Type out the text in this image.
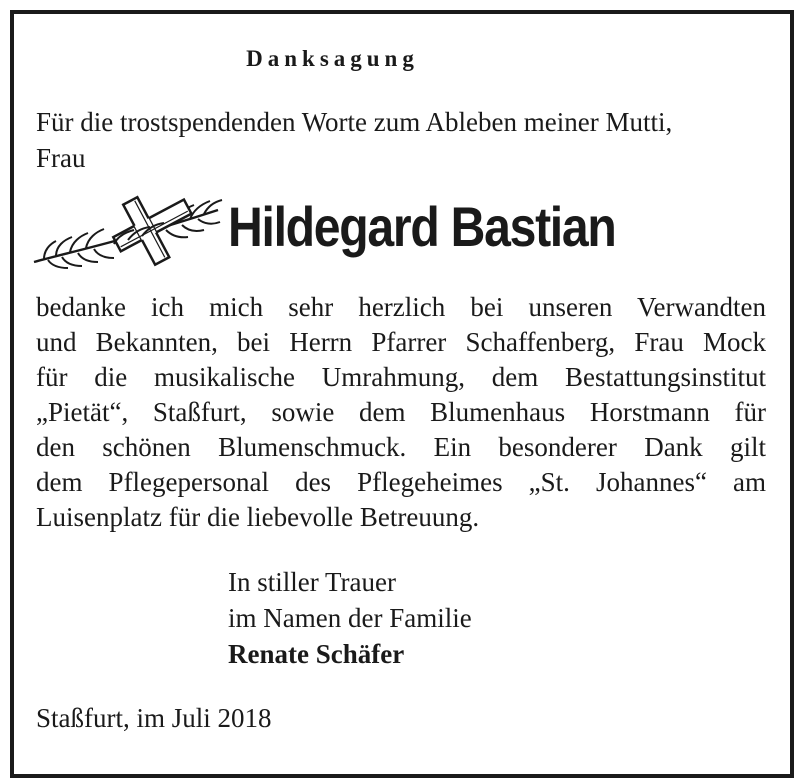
Danksagung
Für die trostspendenden Worte zum Ableben meiner Mutti,
Frau
Hildegard Bastian
bedanke ich mich sehr herzlich bei unseren Verwandten
und Bekannten, bei Herrn Pfarrer Schaffenberg, Frau Mock
für die musikalische Umrahmung, dem Bestattungsinstitut
„Pietät“, Staßfurt, sowie dem Blumenhaus Horstmann für
den schönen Blumenschmuck. Ein besonderer Dank gilt
dem Pflegepersonal des Pflegeheimes „St. Johannes“ am
Luisenplatz für die liebevolle Betreuung.
In stiller Trauer
im Namen der Familie
Renate Schäfer
Staßfurt, im Juli 2018
